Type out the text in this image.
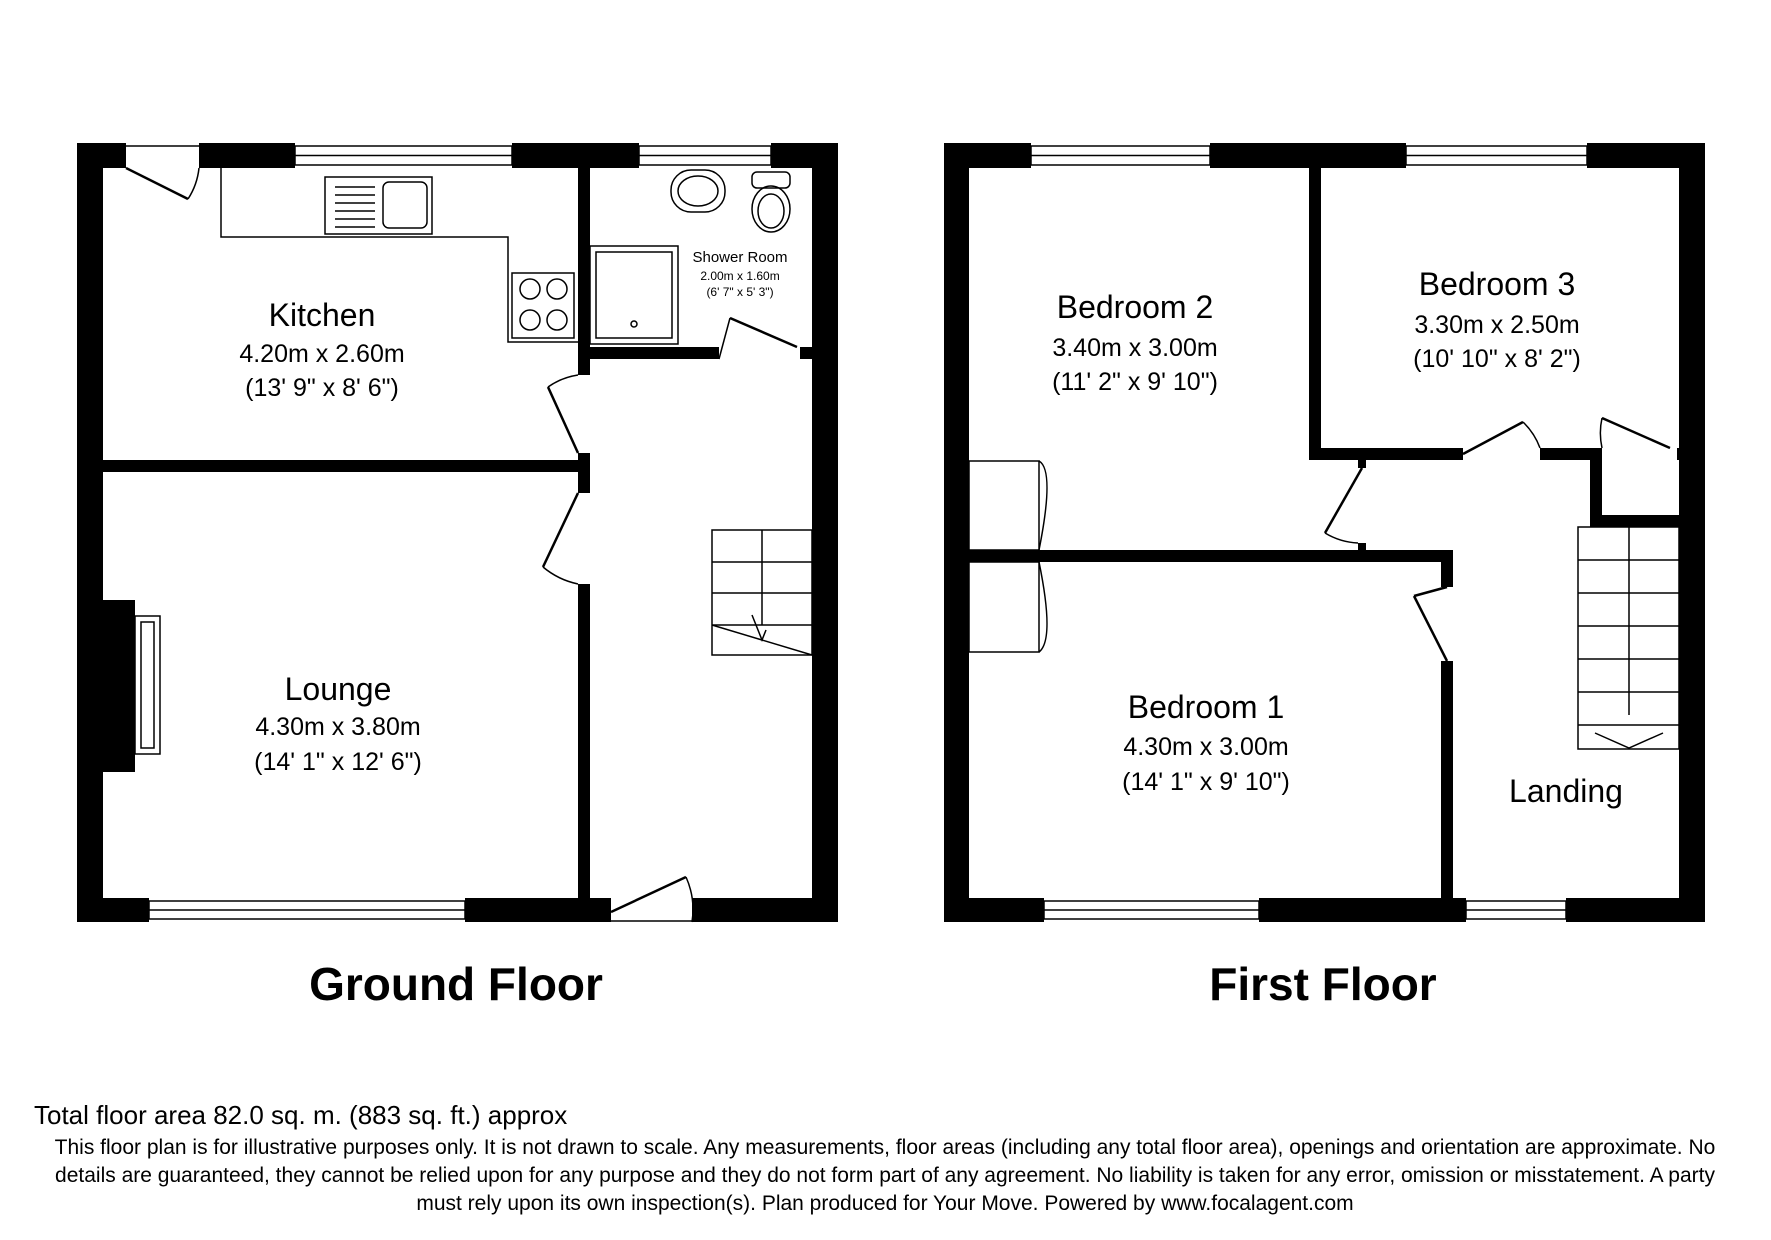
Kitchen
4.20m x 2.60m
(13' 9" x 8' 6")
Shower Room
2.00m x 1.60m
(6' 7" x 5' 3")
Lounge
4.30m x 3.80m
(14' 1" x 12' 6")
Bedroom 2
3.40m x 3.00m
(11' 2" x 9' 10")
Bedroom 3
3.30m x 2.50m
(10' 10" x 8' 2")
Bedroom 1
4.30m x 3.00m
(14' 1" x 9' 10")	Landing
Ground Floor	First Floor
Total floor area 82.0 sq. m. (883 sq. ft.) approx
This floor plan is for illustrative purposes only. It is not drawn to scale. Any measurements, floor areas (including any total floor area), openings and orientation are approximate. No details are guaranteed, they cannot be relied upon for any purpose and they do not form part of any agreement. No liability is taken for any error, omission or misstatement. A party must rely upon its own inspection(s). Plan produced for Your Move. Powered by www.focalagent.com
